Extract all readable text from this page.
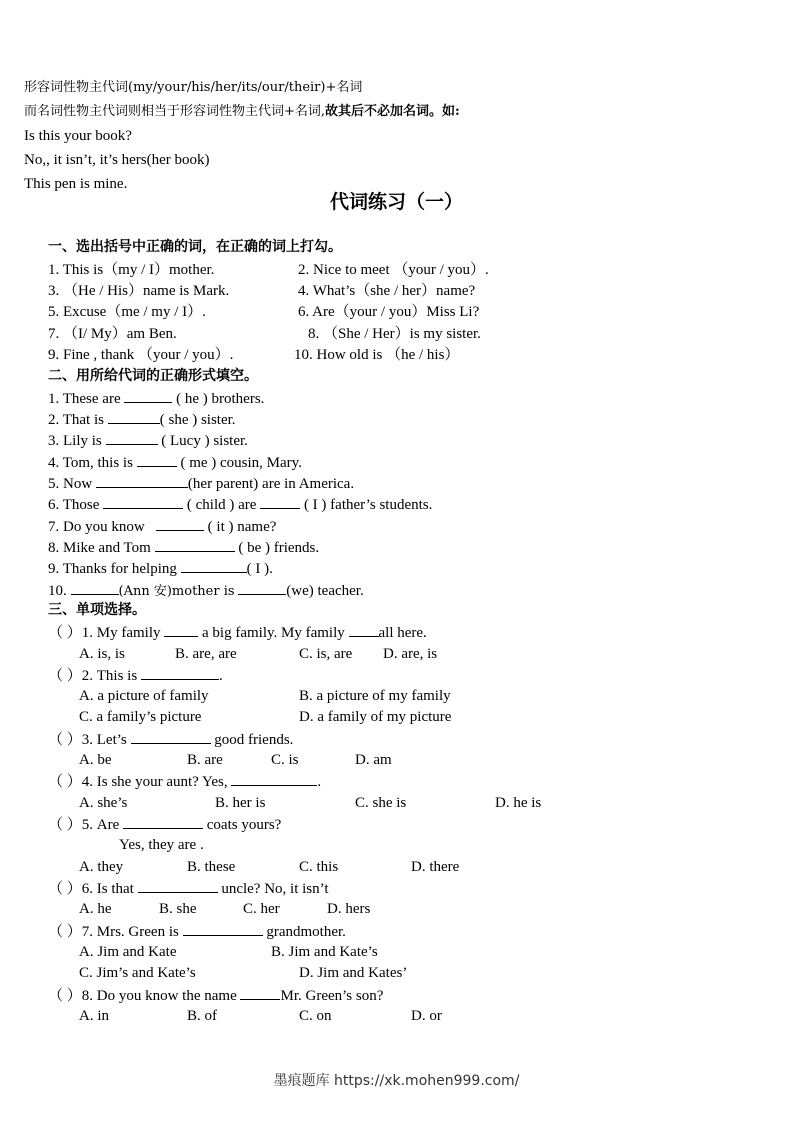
形容词性物主代词(my/your/his/her/its/our/their)+名词
而名词性物主代词则相当于形容词性物主代词+名词,故其后不必加名词。如:
Is this your book?
No,, it isn’t, it’s hers(her book)
This pen is mine.
代词练习（一）
一、选出括号中正确的词，在正确的词上打勾。
1. This is（my / I）mother.	2. Nice to meet （your / you）.
3. （He / His）name is Mark.	4. What’s（she / her）name?
5. Excuse（me / my / I）.	6. Are（your / you）Miss Li?
7. （I/ My）am Ben.	8. （She / Her）is my sister.
9. Fine , thank （your / you）.	10. How old is （he / his）
二、用所给代词的正确形式填空。
1. These are	( he ) brothers.
2. That is	( she ) sister.
3. Lily is	( Lucy ) sister.
4. Tom, this is	( me ) cousin, Mary.
5. Now	(her parent) are in America.
6. Those	( child ) are	( I ) father’s students.
7. Do you know	( it ) name?
8. Mike and Tom	( be ) friends.
9. Thanks for helping	( I ).
10.	(Ann 安)mother is	(we) teacher.
三、单项选择。
（ ）1. My family	a big family. My family all here.
A. is, is	B. are, are	C. is, are D. are, is
（ ）2. This is	.
A. a picture of family	B. a picture of my family
C. a family’s picture	D. a family of my picture
（ ）3. Let’s	good friends.
A. be	B. are	C. is	D. am
（ ）4. Is she your aunt? Yes,	.
A. she’s	B. her is	C. she is	D. he is
（ ）5. Are	coats yours?
Yes, they are .
A. they	B. these	C. this	D. there
（ ）6. Is that	uncle? No, it isn’t
A. he	B. she	C. her	D. hers
（ ）7. Mrs. Green is	grandmother.
A. Jim and Kate	B. Jim and Kate’s
C. Jim’s and Kate’s	D. Jim and Kates’
（ ）8. Do you know the name	Mr. Green’s son?
A. in	B. of	C. on	D. or
墨痕题库 https://xk.mohen999.com/
